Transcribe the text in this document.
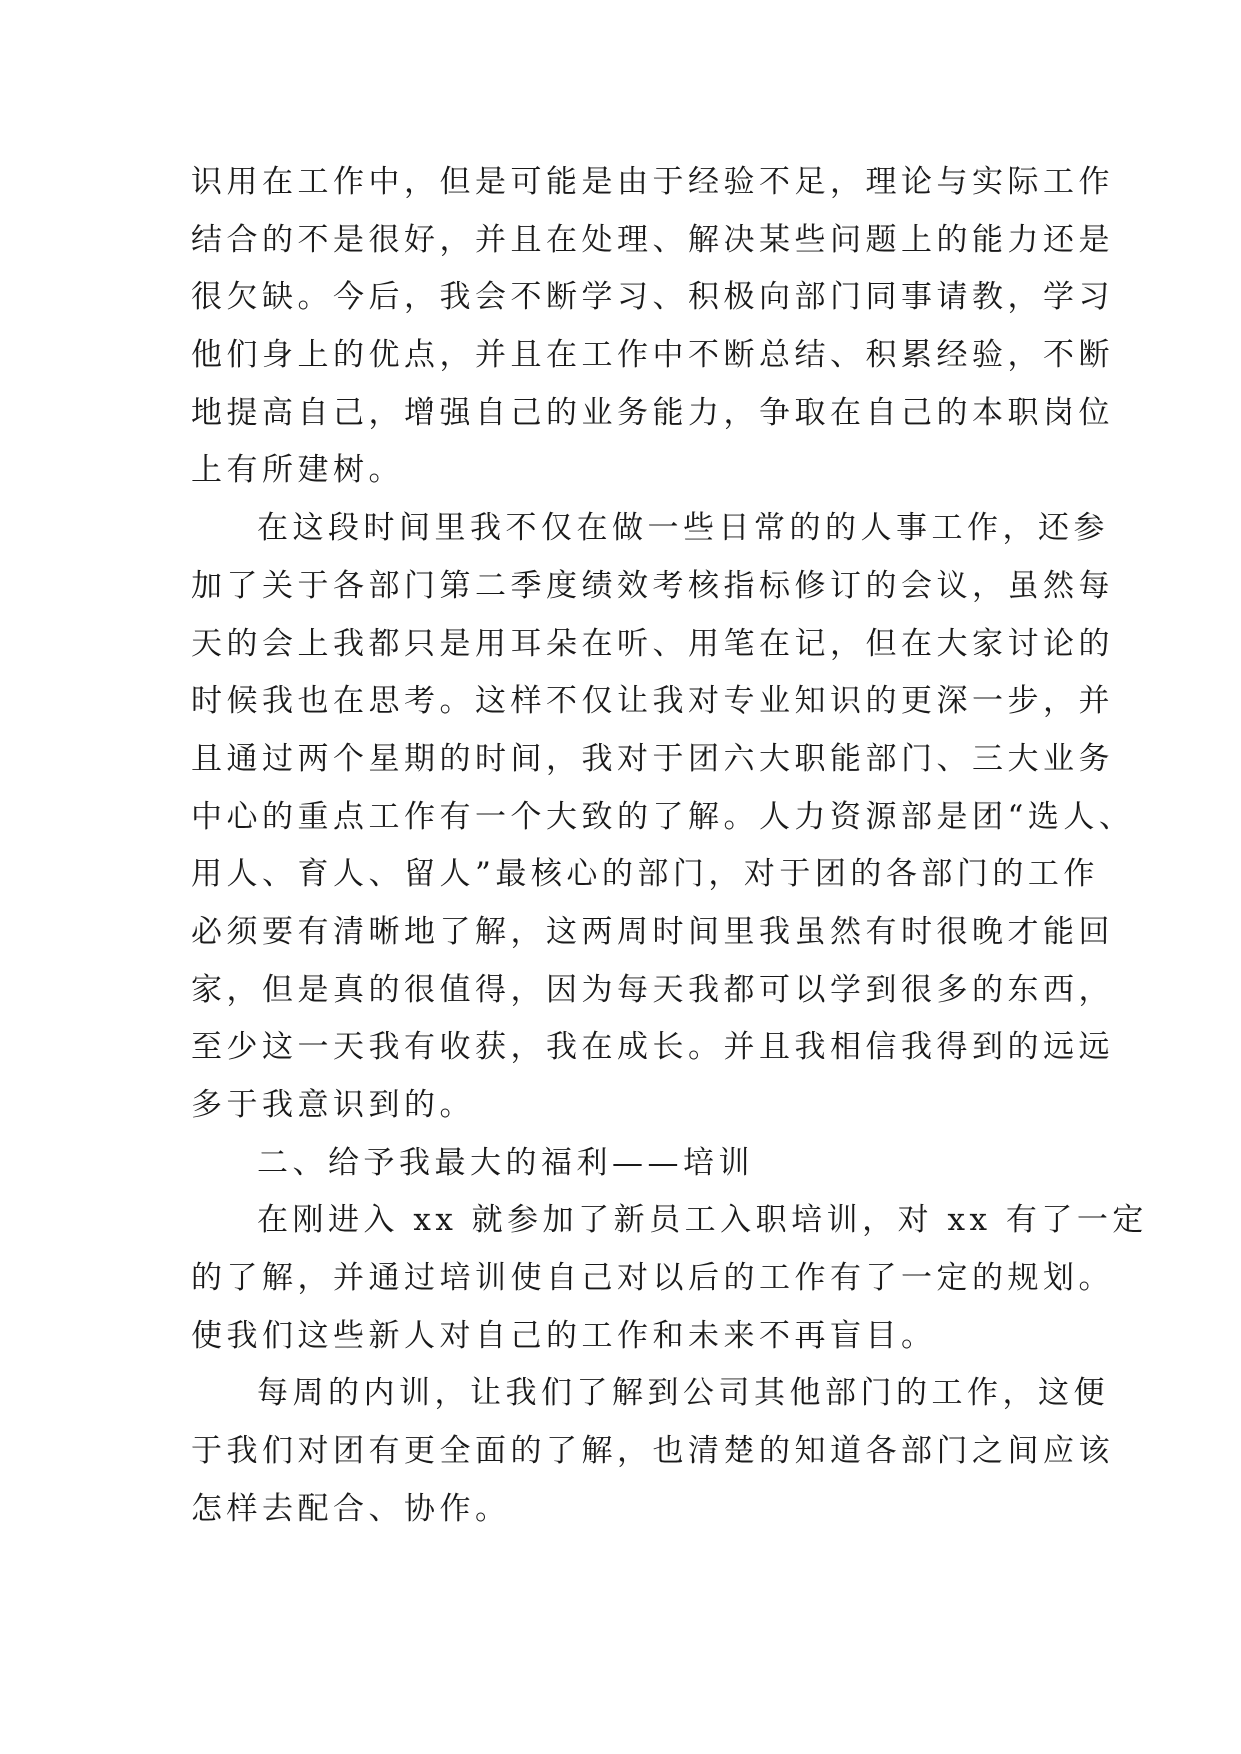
识用在工作中，但是可能是由于经验不足，理论与实际工作
结合的不是很好，并且在处理、解决某些问题上的能力还是
很欠缺。今后，我会不断学习、积极向部门同事请教，学习
他们身上的优点，并且在工作中不断总结、积累经验，不断
地提高自己，增强自己的业务能力，争取在自己的本职岗位
上有所建树。
在这段时间里我不仅在做一些日常的的人事工作，还参
加了关于各部门第二季度绩效考核指标修订的会议，虽然每
天的会上我都只是用耳朵在听、用笔在记，但在大家讨论的
时候我也在思考。这样不仅让我对专业知识的更深一步，并
且通过两个星期的时间，我对于团六大职能部门、三大业务
中心的重点工作有一个大致的了解。人力资源部是团“选人、
用人、育人、留人”最核心的部门，对于团的各部门的工作
必须要有清晰地了解，这两周时间里我虽然有时很晚才能回
家，但是真的很值得，因为每天我都可以学到很多的东西，
至少这一天我有收获，我在成长。并且我相信我得到的远远
多于我意识到的。
二、给予我最大的福利——培训
在刚进入 xx 就参加了新员工入职培训，对 xx 有了一定
的了解，并通过培训使自己对以后的工作有了一定的规划。
使我们这些新人对自己的工作和未来不再盲目。
每周的内训，让我们了解到公司其他部门的工作，这便
于我们对团有更全面的了解，也清楚的知道各部门之间应该
怎样去配合、协作。
